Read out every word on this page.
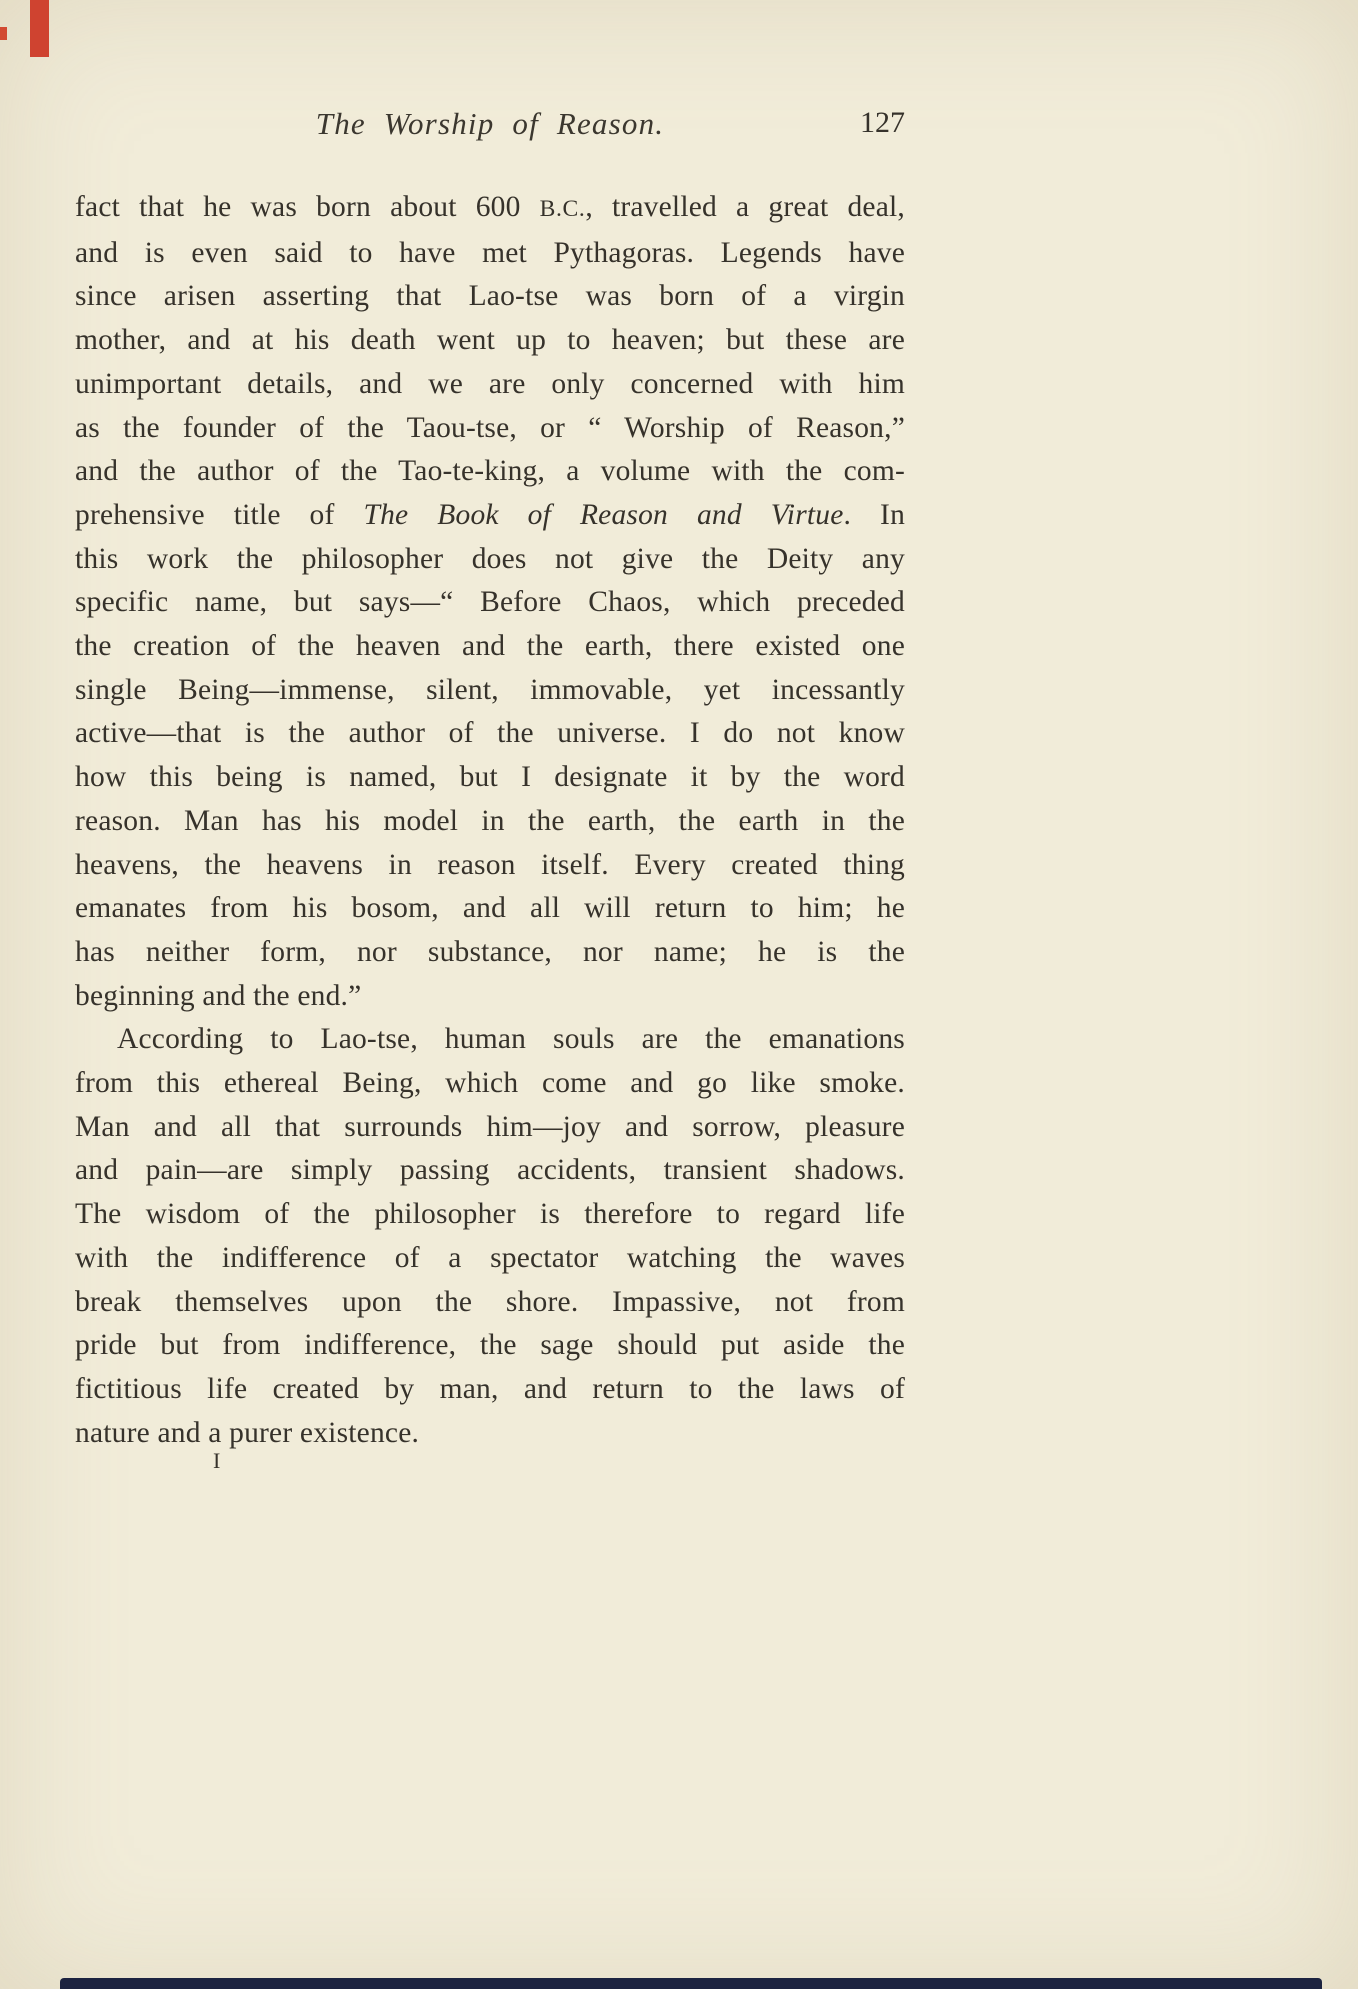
The Worship of Reason.	127
fact that he was born about 600 B.C., travelled a great deal,
and is even said to have met Pythagoras. Legends have
since arisen asserting that Lao-tse was born of a virgin
mother, and at his death went up to heaven; but these are
unimportant details, and we are only concerned with him
as the founder of the Taou-tse, or “ Worship of Reason,”
and the author of the Tao-te-king, a volume with the com-
prehensive title of The Book of Reason and Virtue. In
this work the philosopher does not give the Deity any
specific name, but says—“ Before Chaos, which preceded
the creation of the heaven and the earth, there existed one
single Being—immense, silent, immovable, yet incessantly
active—that is the author of the universe. I do not know
how this being is named, but I designate it by the word
reason. Man has his model in the earth, the earth in the
heavens, the heavens in reason itself. Every created thing
emanates from his bosom, and all will return to him; he
has neither form, nor substance, nor name; he is the
beginning and the end.”
According to Lao-tse, human souls are the emanations
from this ethereal Being, which come and go like smoke.
Man and all that surrounds him—joy and sorrow, pleasure
and pain—are simply passing accidents, transient shadows.
The wisdom of the philosopher is therefore to regard life
with the indifference of a spectator watching the waves
break themselves upon the shore. Impassive, not from
pride but from indifference, the sage should put aside the
fictitious life created by man, and return to the laws of
nature and a purer existence.
I
